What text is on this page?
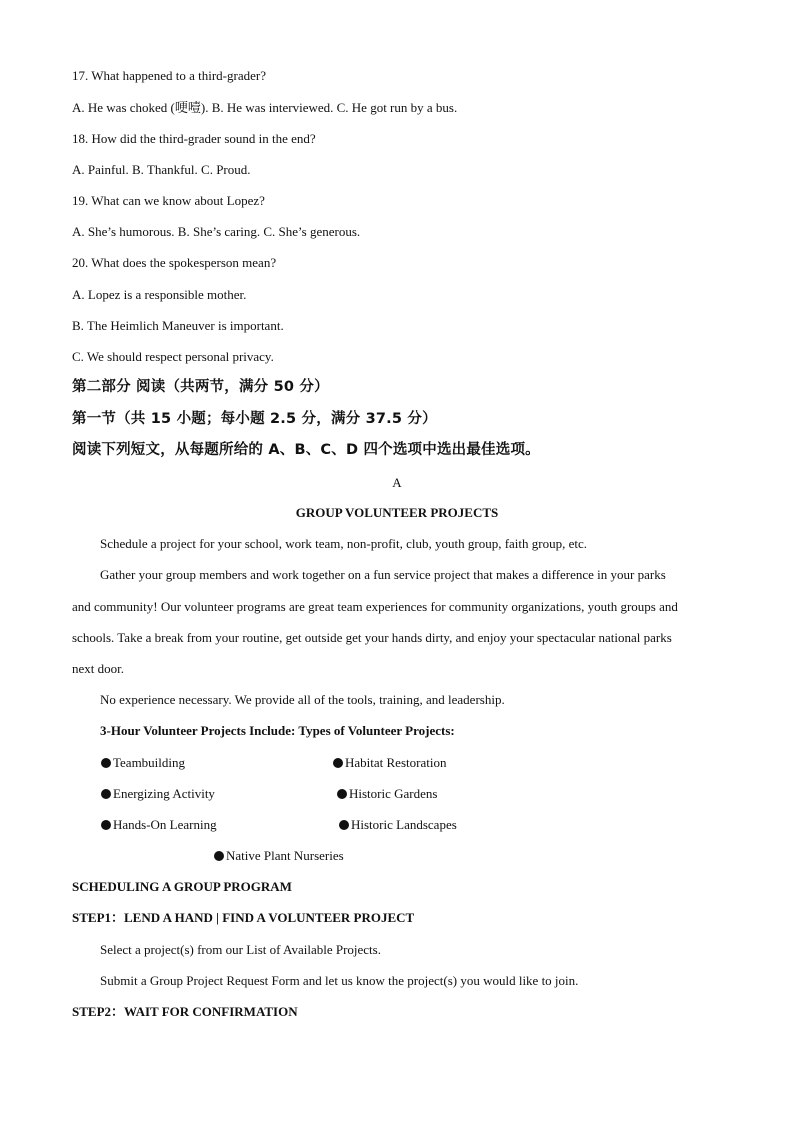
17. What happened to a third-grader?
A. He was choked (哽噎). B. He was interviewed. C. He got run by a bus.
18. How did the third-grader sound in the end?
A. Painful. B. Thankful. C. Proud.
19. What can we know about Lopez?
A. She’s humorous. B. She’s caring. C. She’s generous.
20. What does the spokesperson mean?
A. Lopez is a responsible mother.
B. The Heimlich Maneuver is important.
C. We should respect personal privacy.
第二部分 阅读（共两节，满分 50 分）
第一节（共 15 小题；每小题 2.5 分，满分 37.5 分）
阅读下列短文，从每题所给的 A、B、C、D 四个选项中选出最佳选项。
A
GROUP VOLUNTEER PROJECTS
Schedule a project for your school, work team, non-profit, club, youth group, faith group, etc.
Gather your group members and work together on a fun service project that makes a difference in your parks
and community! Our volunteer programs are great team experiences for community organizations, youth groups and
schools. Take a break from your routine, get outside get your hands dirty, and enjoy your spectacular national parks
next door.
No experience necessary. We provide all of the tools, training, and leadership.
3-Hour Volunteer Projects Include: Types of Volunteer Projects:
Teambuilding	Habitat Restoration
Energizing Activity	Historic Gardens
Hands-On Learning	Historic Landscapes
Native Plant Nurseries
SCHEDULING A GROUP PROGRAM
STEP1：LEND A HAND | FIND A VOLUNTEER PROJECT
Select a project(s) from our List of Available Projects.
Submit a Group Project Request Form and let us know the project(s) you would like to join.
STEP2：WAIT FOR CONFIRMATION
